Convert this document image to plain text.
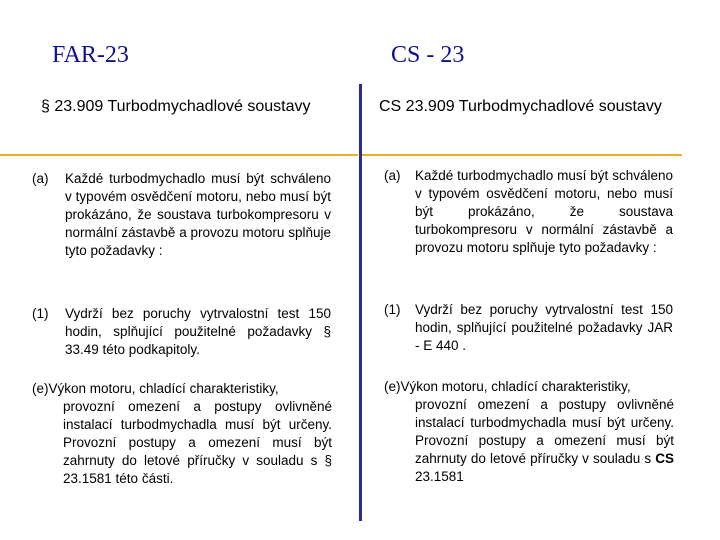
FAR-23	CS - 23
§ 23.909 Turbodmychadlové soustavy	CS 23.909 Turbodmychadlové soustavy
(a) Každé turbodmychadlo musí být schváleno v typovém osvědčení motoru, nebo musí být prokázáno, že soustava turbokompresoru v normální zástavbě a provozu motoru splňuje tyto požadavky :
(1) Vydrží bez poruchy vytrvalostní test 150 hodin, splňující použitelné požadavky § 33.49 této podkapitoly.
(e)Výkon motoru, chladící charakteristiky,
provozní omezení a postupy ovlivněné instalací turbodmychadla musí být určeny. Provozní postupy a omezení musí být zahrnuty do letové příručky v souladu s § 23.1581 této části.
(a) Každé turbodmychadlo musí být schváleno v typovém osvědčení motoru, nebo musí být prokázáno, že soustava turbokompresoru v normální zástavbě a provozu motoru splňuje tyto požadavky :
(1) Vydrží bez poruchy vytrvalostní test 150 hodin, splňující použitelné požadavky JAR - E 440 .
(e)Výkon motoru, chladící charakteristiky,
provozní omezení a postupy ovlivněné instalací turbodmychadla musí být určeny. Provozní postupy a omezení musí být zahrnuty do letové příručky v souladu s CS 23.1581
